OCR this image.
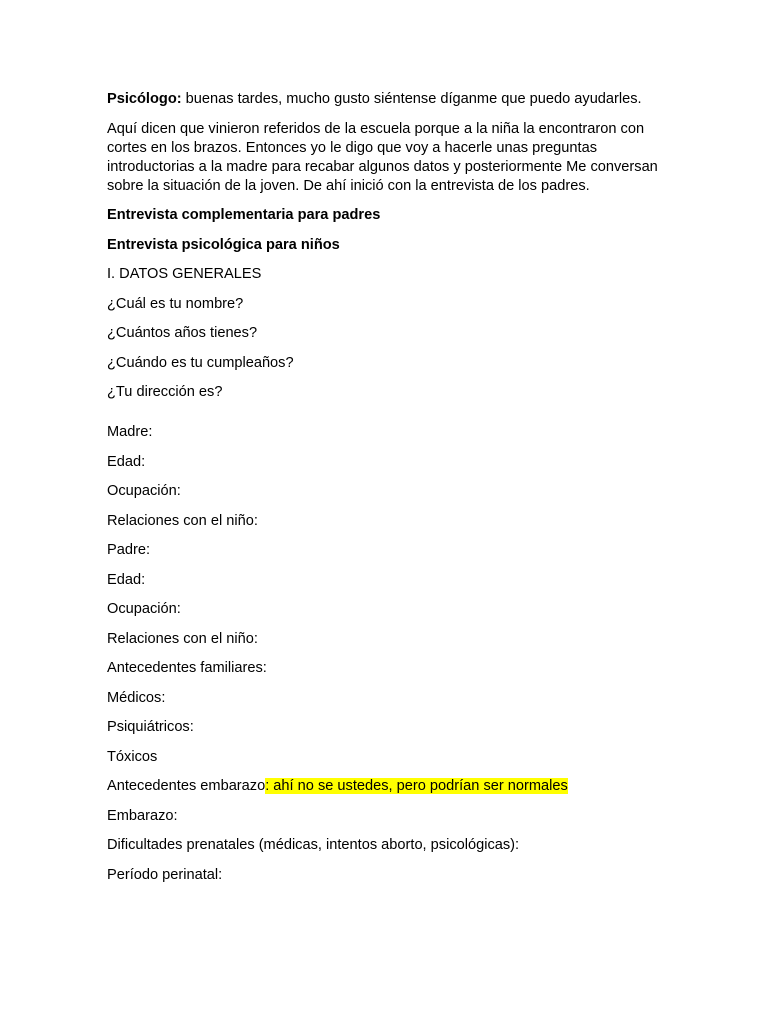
Psicólogo: buenas tardes, mucho gusto siéntense díganme que puedo ayudarles.

Aquí dicen que vinieron referidos de la escuela porque a la niña la encontraron con cortes en los brazos. Entonces yo le digo que voy a hacerle unas preguntas introductorias a la madre para recabar algunos datos y posteriormente Me conversan sobre la situación de la joven. De ahí inició con la entrevista de los padres.

Entrevista complementaria para padres

Entrevista psicológica para niños

I. DATOS GENERALES

¿Cuál es tu nombre?

¿Cuántos años tienes?

¿Cuándo es tu cumpleaños?

¿Tu dirección es?

Madre:

Edad:

Ocupación:

Relaciones con el niño:

Padre:

Edad:

Ocupación:

Relaciones con el niño:

Antecedentes familiares:

Médicos:

Psiquiátricos:

Tóxicos

Antecedentes embarazo: ahí no se ustedes, pero podrían ser normales

Embarazo:

Dificultades prenatales (médicas, intentos aborto, psicológicas):

Período perinatal:
